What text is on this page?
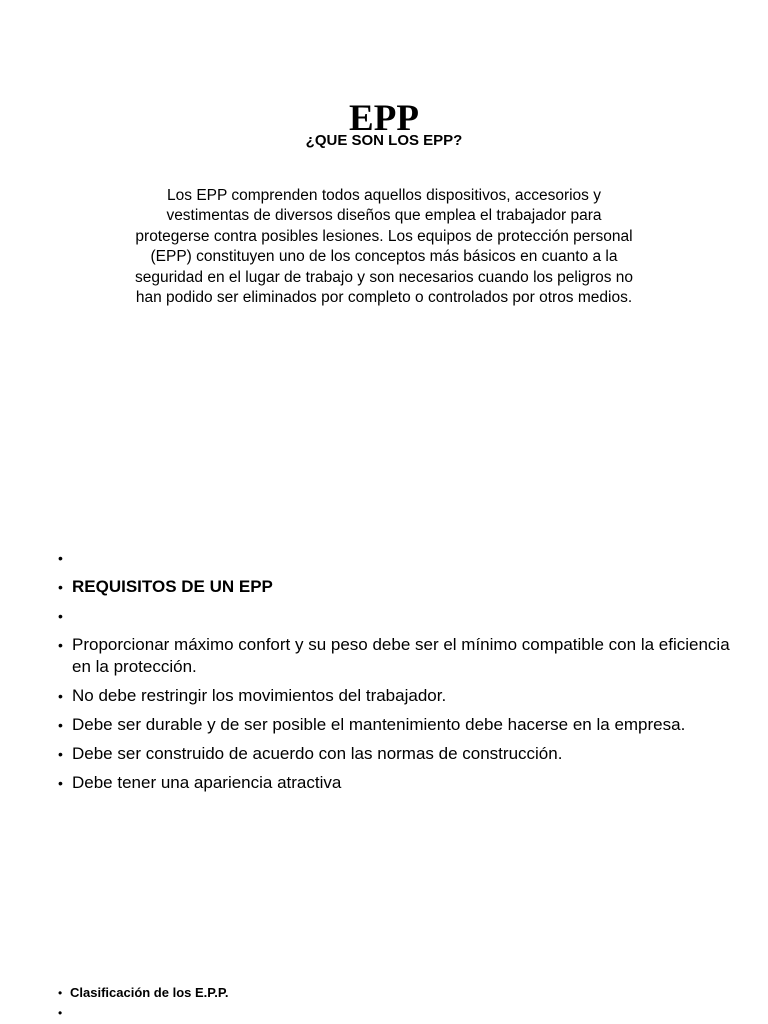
EPP
¿QUE SON LOS EPP?
Los EPP comprenden todos aquellos dispositivos, accesorios y
vestimentas de diversos diseños que emplea el trabajador para
protegerse contra posibles lesiones. Los equipos de protección personal
(EPP) constituyen uno de los conceptos más básicos en cuanto a la
seguridad en el lugar de trabajo y son necesarios cuando los peligros no
han podido ser eliminados por completo o controlados por otros medios.
•
• REQUISITOS DE UN EPP
•
• Proporcionar máximo confort y su peso debe ser el mínimo compatible con la eficiencia en la protección.
• No debe restringir los movimientos del trabajador.
• Debe ser durable y de ser posible el mantenimiento debe hacerse en la empresa.
• Debe ser construido de acuerdo con las normas de construcción.
• Debe tener una apariencia atractiva
• Clasificación de los E.P.P.
•
